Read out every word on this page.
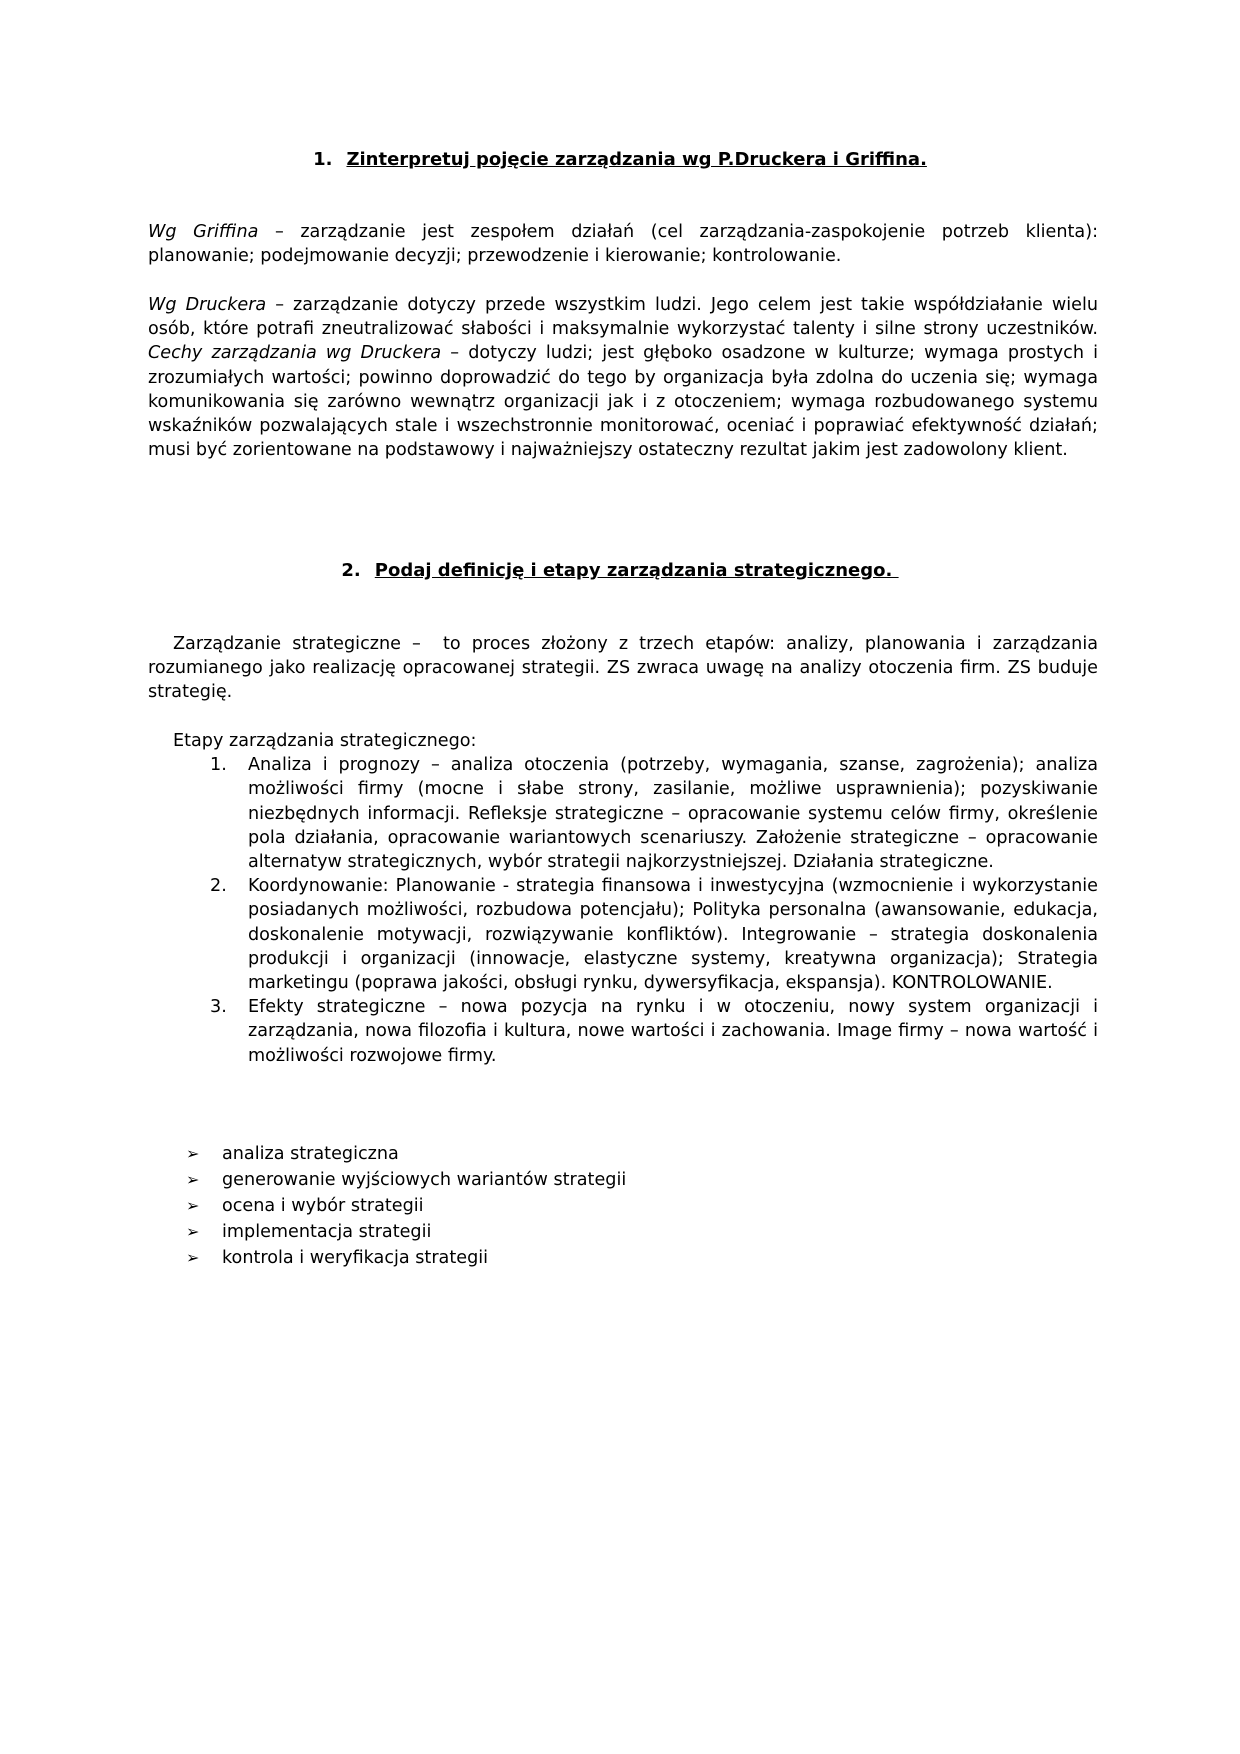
1. Zinterpretuj pojęcie zarządzania wg P.Druckera i Griffina.

Wg Griffina – zarządzanie jest zespołem działań (cel zarządzania-zaspokojenie potrzeb klienta): planowanie; podejmowanie decyzji; przewodzenie i kierowanie; kontrolowanie.

Wg Druckera – zarządzanie dotyczy przede wszystkim ludzi. Jego celem jest takie współdziałanie wielu osób, które potrafi zneutralizować słabości i maksymalnie wykorzystać talenty i silne strony uczestników. Cechy zarządzania wg Druckera – dotyczy ludzi; jest głęboko osadzone w kulturze; wymaga prostych i zrozumiałych wartości; powinno doprowadzić do tego by organizacja była zdolna do uczenia się; wymaga komunikowania się zarówno wewnątrz organizacji jak i z otoczeniem; wymaga rozbudowanego systemu wskaźników pozwalających stale i wszechstronnie monitorować, oceniać i poprawiać efektywność działań; musi być zorientowane na podstawowy i najważniejszy ostateczny rezultat jakim jest zadowolony klient.

2. Podaj definicję i etapy zarządzania strategicznego.

Zarządzanie strategiczne –  to proces złożony z trzech etapów: analizy, planowania i zarządzania rozumianego jako realizację opracowanej strategii. ZS zwraca uwagę na analizy otoczenia firm. ZS buduje strategię.

Etapy zarządzania strategicznego:

1. Analiza i prognozy – analiza otoczenia (potrzeby, wymagania, szanse, zagrożenia); analiza możliwości firmy (mocne i słabe strony, zasilanie, możliwe usprawnienia); pozyskiwanie niezbędnych informacji. Refleksje strategiczne – opracowanie systemu celów firmy, określenie pola działania, opracowanie wariantowych scenariuszy. Założenie strategiczne – opracowanie alternatyw strategicznych, wybór strategii najkorzystniejszej. Działania strategiczne.
2. Koordynowanie: Planowanie - strategia finansowa i inwestycyjna (wzmocnienie i wykorzystanie posiadanych możliwości, rozbudowa potencjału); Polityka personalna (awansowanie, edukacja, doskonalenie motywacji, rozwiązywanie konfliktów). Integrowanie – strategia doskonalenia produkcji i organizacji (innowacje, elastyczne systemy, kreatywna organizacja); Strategia marketingu (poprawa jakości, obsługi rynku, dywersyfikacja, ekspansja). KONTROLOWANIE.
3. Efekty strategiczne – nowa pozycja na rynku i w otoczeniu, nowy system organizacji i zarządzania, nowa filozofia i kultura, nowe wartości i zachowania. Image firmy – nowa wartość i możliwości rozwojowe firmy.
➢ analiza strategiczna
➢ generowanie wyjściowych wariantów strategii
➢ ocena i wybór strategii
➢ implementacja strategii
➢ kontrola i weryfikacja strategii
